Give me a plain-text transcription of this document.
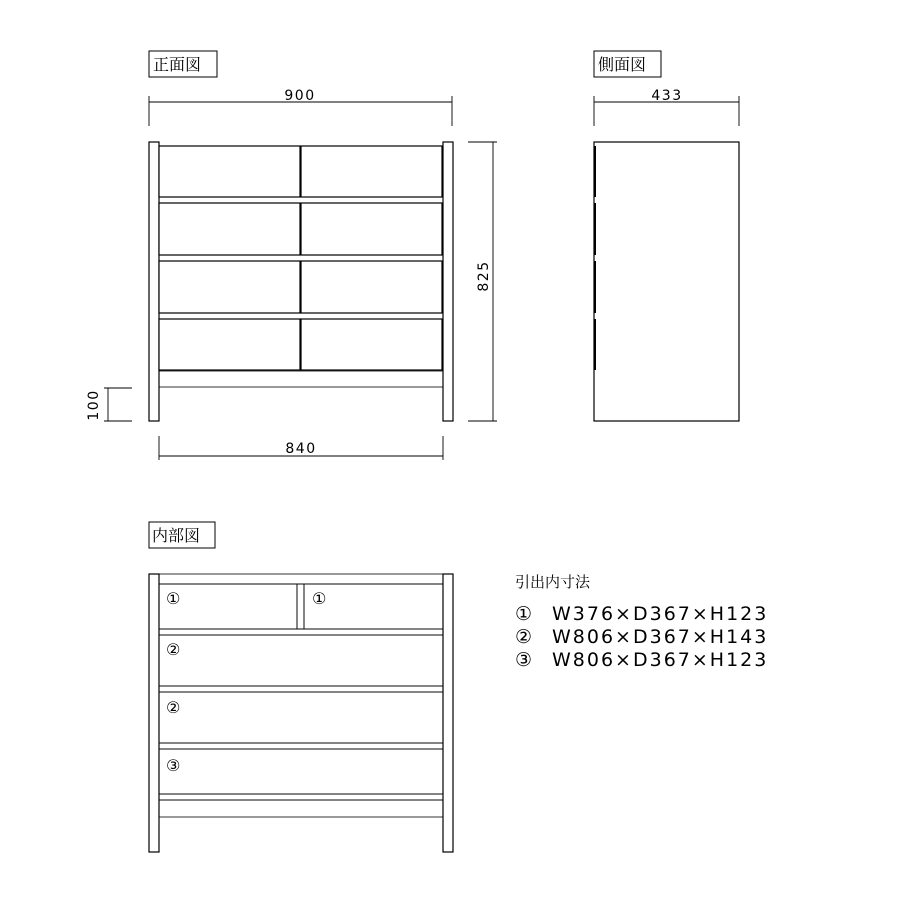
正面図
900
100
825
840
側面図
433
内部図
①	①
②
②
③
引出内寸法
① W376×D367×H123
② W806×D367×H143
③ W806×D367×H123
